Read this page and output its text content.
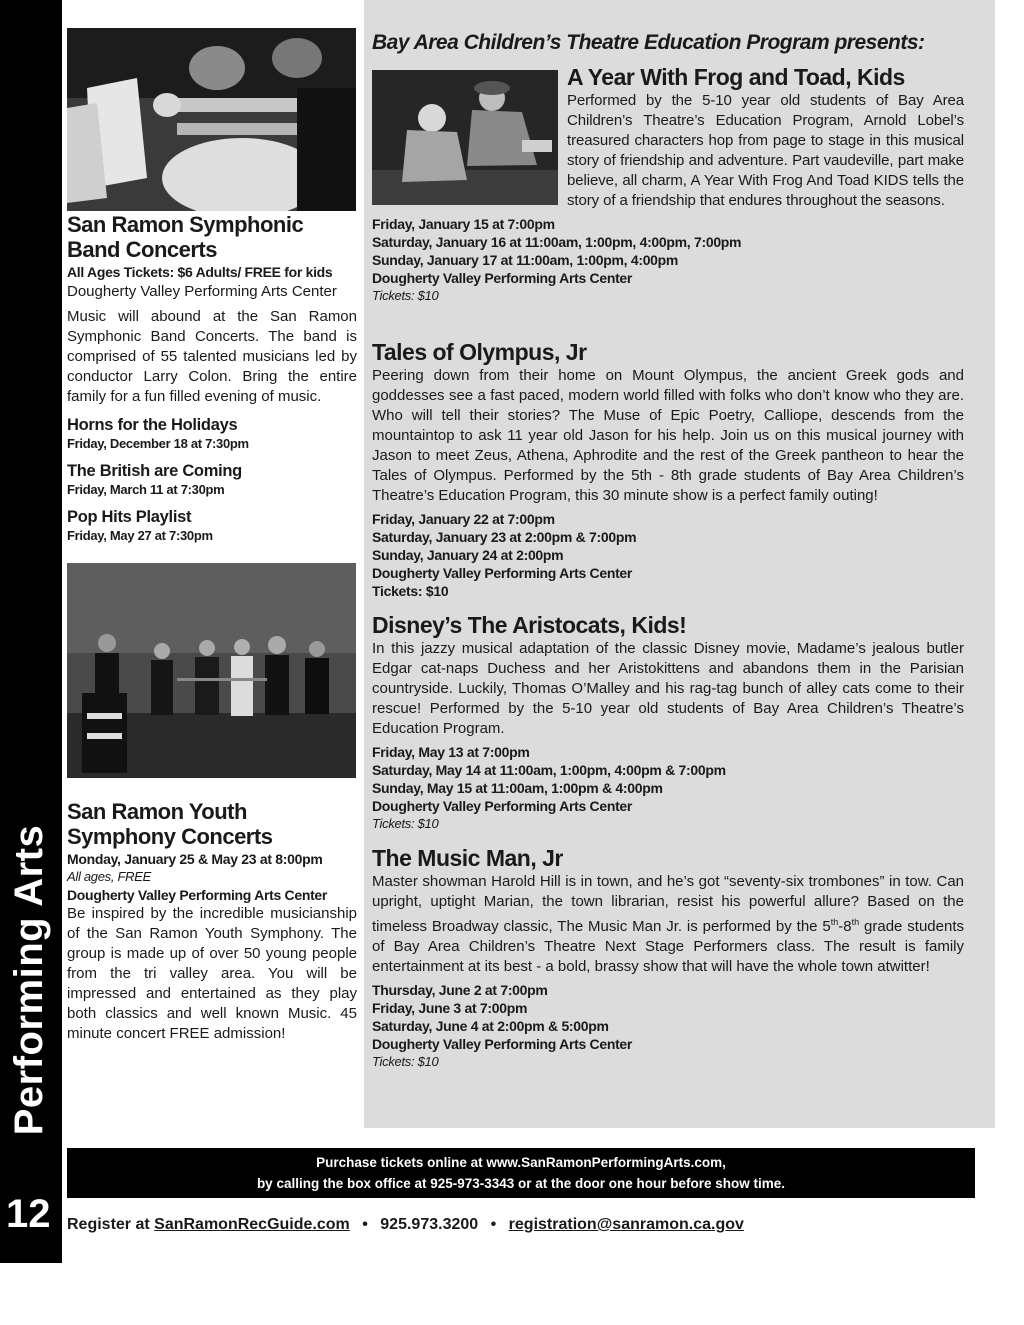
Performing Arts
12
San Ramon Symphonic Band Concerts
All Ages Tickets: $6 Adults/ FREE for kids
Dougherty Valley Performing Arts Center

Music will abound at the San Ramon Symphonic Band Concerts. The band is comprised of 55 talented musicians led by conductor Larry Colon. Bring the entire family for a fun filled evening of music.

Horns for the Holidays
Friday, December 18 at 7:30pm
The British are Coming
Friday, March 11 at 7:30pm
Pop Hits Playlist
Friday, May 27 at 7:30pm
San Ramon Youth Symphony Concerts
Monday, January 25 & May 23 at 8:00pm
All ages, FREE
Dougherty Valley Performing Arts Center

Be inspired by the incredible musicianship of the San Ramon Youth Symphony. The group is made up of over 50 young people from the tri valley area. You will be impressed and entertained as they play both classics and well known Music. 45 minute concert FREE admission!

Bay Area Children’s Theatre Education Program presents:
A Year With Frog and Toad, Kids

Performed by the 5-10 year old students of Bay Area Children’s Theatre’s Education Program, Arnold Lobel’s treasured characters hop from page to stage in this musical story of friendship and adventure. Part vaudeville, part make believe, all charm, A Year With Frog And Toad KIDS tells the story of a friendship that endures throughout the seasons.

Friday, January 15 at 7:00pm
Saturday, January 16 at 11:00am, 1:00pm, 4:00pm, 7:00pm
Sunday, January 17 at 11:00am, 1:00pm, 4:00pm
Dougherty Valley Performing Arts Center
Tickets: $10
Tales of Olympus, Jr

Peering down from their home on Mount Olympus, the ancient Greek gods and goddesses see a fast paced, modern world filled with folks who don’t know who they are. Who will tell their stories? The Muse of Epic Poetry, Calliope, descends from the mountaintop to ask 11 year old Jason for his help. Join us on this musical journey with Jason to meet Zeus, Athena, Aphrodite and the rest of the Greek pantheon to hear the Tales of Olympus. Performed by the 5th - 8th grade students of Bay Area Children’s Theatre’s Education Program, this 30 minute show is a perfect family outing!

Friday, January 22 at 7:00pm
Saturday, January 23 at 2:00pm & 7:00pm
Sunday, January 24 at 2:00pm
Dougherty Valley Performing Arts Center
Tickets: $10
Disney’s The Aristocats, Kids!

In this jazzy musical adaptation of the classic Disney movie, Madame’s jealous butler Edgar cat-naps Duchess and her Aristokittens and abandons them in the Parisian countryside. Luckily, Thomas O’Malley and his rag-tag bunch of alley cats come to their rescue! Performed by the 5-10 year old students of Bay Area Children’s Theatre’s Education Program.

Friday, May 13 at 7:00pm
Saturday, May 14 at 11:00am, 1:00pm, 4:00pm & 7:00pm
Sunday, May 15 at 11:00am, 1:00pm & 4:00pm
Dougherty Valley Performing Arts Center
Tickets: $10
The Music Man, Jr

Master showman Harold Hill is in town, and he’s got “seventy-six trombones” in tow. Can upright, uptight Marian, the town librarian, resist his powerful allure? Based on the timeless Broadway classic, The Music Man Jr. is performed by the 5th-8th grade students of Bay Area Children’s Theatre Next Stage Performers class. The result is family entertainment at its best - a bold, brassy show that will have the whole town atwitter!

Thursday, June 2 at 7:00pm
Friday, June 3 at 7:00pm
Saturday, June 4 at 2:00pm & 5:00pm
Dougherty Valley Performing Arts Center
Tickets: $10
Purchase tickets online at www.SanRamonPerformingArts.com,
by calling the box office at 925-973-3343 or at the door one hour before show time.
Register at SanRamonRecGuide.com • 925.973.3200 • registration@sanramon.ca.gov
